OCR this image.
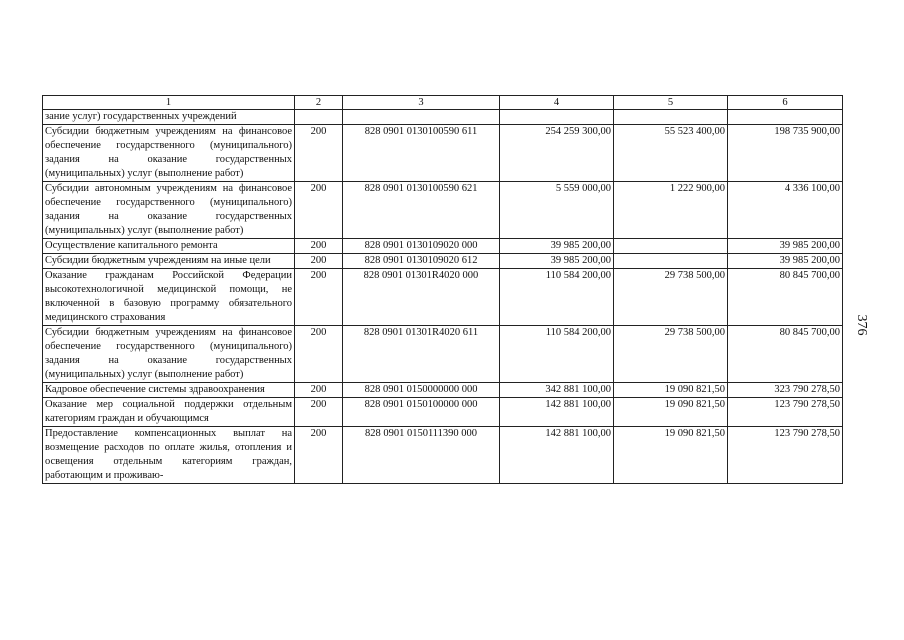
1	2	3	4	5	6
зание услуг) государственных учреждений					
Субсидии бюджетным учреждениям на финансовое обеспечение государственного (муниципального) задания на оказание государственных (муниципальных) услуг (выполнение работ)	200	828 0901 0130100590 611	254 259 300,00	55 523 400,00	198 735 900,00
Субсидии автономным учреждениям на финансовое обеспечение государственного (муниципального) задания на оказание государственных (муниципальных) услуг (выполнение работ)	200	828 0901 0130100590 621	5 559 000,00	1 222 900,00	4 336 100,00
Осуществление капитального ремонта	200	828 0901 0130109020 000	39 985 200,00		39 985 200,00
Субсидии бюджетным учреждениям на иные цели	200	828 0901 0130109020 612	39 985 200,00		39 985 200,00
Оказание гражданам Российской Федерации высокотехнологичной медицинской помощи, не включенной в базовую программу обязательного медицинского страхования	200	828 0901 01301R4020 000	110 584 200,00	29 738 500,00	80 845 700,00
Субсидии бюджетным учреждениям на финансовое обеспечение государственного (муниципального) задания на оказание государственных (муниципальных) услуг (выполнение работ)	200	828 0901 01301R4020 611	110 584 200,00	29 738 500,00	80 845 700,00
Кадровое обеспечение системы здравоохранения	200	828 0901 0150000000 000	342 881 100,00	19 090 821,50	323 790 278,50
Оказание мер социальной поддержки отдельным категориям граждан и обучающимся	200	828 0901 0150100000 000	142 881 100,00	19 090 821,50	123 790 278,50
Предоставление компенсационных выплат на возмещение расходов по оплате жилья, отопления и освещения отдельным категориям граждан, работающим и проживаю-	200	828 0901 0150111390 000	142 881 100,00	19 090 821,50	123 790 278,50
376
